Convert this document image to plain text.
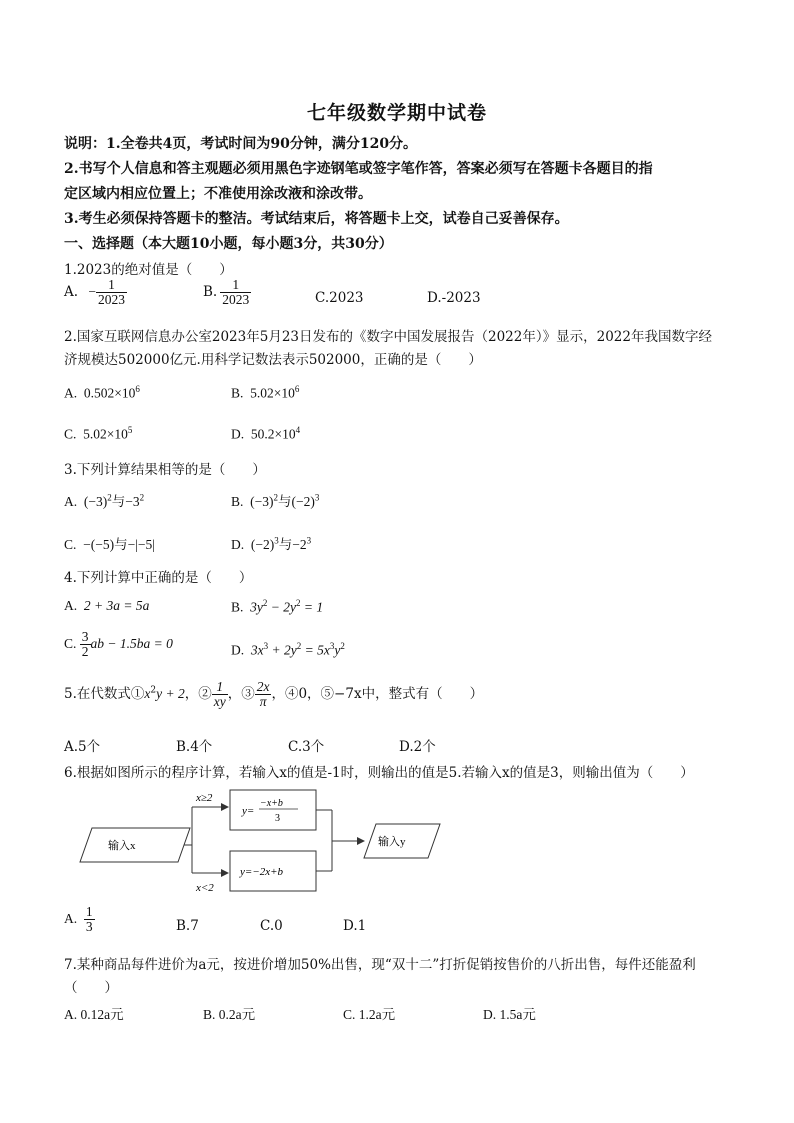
七年级数学期中试卷
说明：1.全卷共4页，考试时间为90分钟，满分120分。
2.书写个人信息和答主观题必须用黑色字迹钢笔或签字笔作答，答案必须写在答题卡各题目的指
定区域内相应位置上；不准使用涂改液和涂改带。
3.考生必须保持答题卡的整洁。考试结束后，将答题卡上交，试卷自己妥善保存。
一、选择题（本大题10小题，每小题3分，共30分）
1.2023的绝对值是（　　）
A. − $\frac{1}{2023}$	B. $\frac{1}{2023}$	C.2023	D.-2023
2.国家互联网信息办公室2023年5月23日发布的《数字中国发展报告（2022年）》显示，2022年我国数字经
济规模达502000亿元.用科学记数法表示502000，正确的是（　　）
A. $0.502\times 10^6$	B. $5.02\times 10^6$
C. $5.02\times 10^5$	D. $50.2\times 10^4$
3.下列计算结果相等的是（　　）
A. $(-3)^2$与$-3^2$	B. $(-3)^2$与$(-2)^3$
C. −(−5)与−|−5|	D. $(-2)^3$与$-2^3$
4.下列计算中正确的是（　　）
A. 2 + 3a = 5a	B. $3y^2 - 2y^2 = 1$
C. $\frac{3}{2}$ ab − 1.5ba = 0	D. $3x^3 + 2y^2 = 5x^3y^2$
5.在代数式$①x^2y + 2$，② $\frac{1}{xy}$ ，③ $\frac{2x}{\pi}$ ，④0，⑤−7x中，整式有（　　）
A.5个	B.4个	C.3个	D.2个
6.根据如图所示的程序计算，若输入x的值是-1时，则输出的值是5.若输入x的值是3，则输出值为（　　）
输入x
x≥2
x<2
y=
−x+b
3
y=−2x+b
输入y
A. $\frac{1}{3}$	B.7	C.0	D.1
7.某种商品每件进价为a元，按进价增加50%出售，现“双十二”打折促销按售价的八折出售，每件还能盈利
（　　）
A. 0.12a元	B. 0.2a元	C. 1.2a元	D. 1.5a元
